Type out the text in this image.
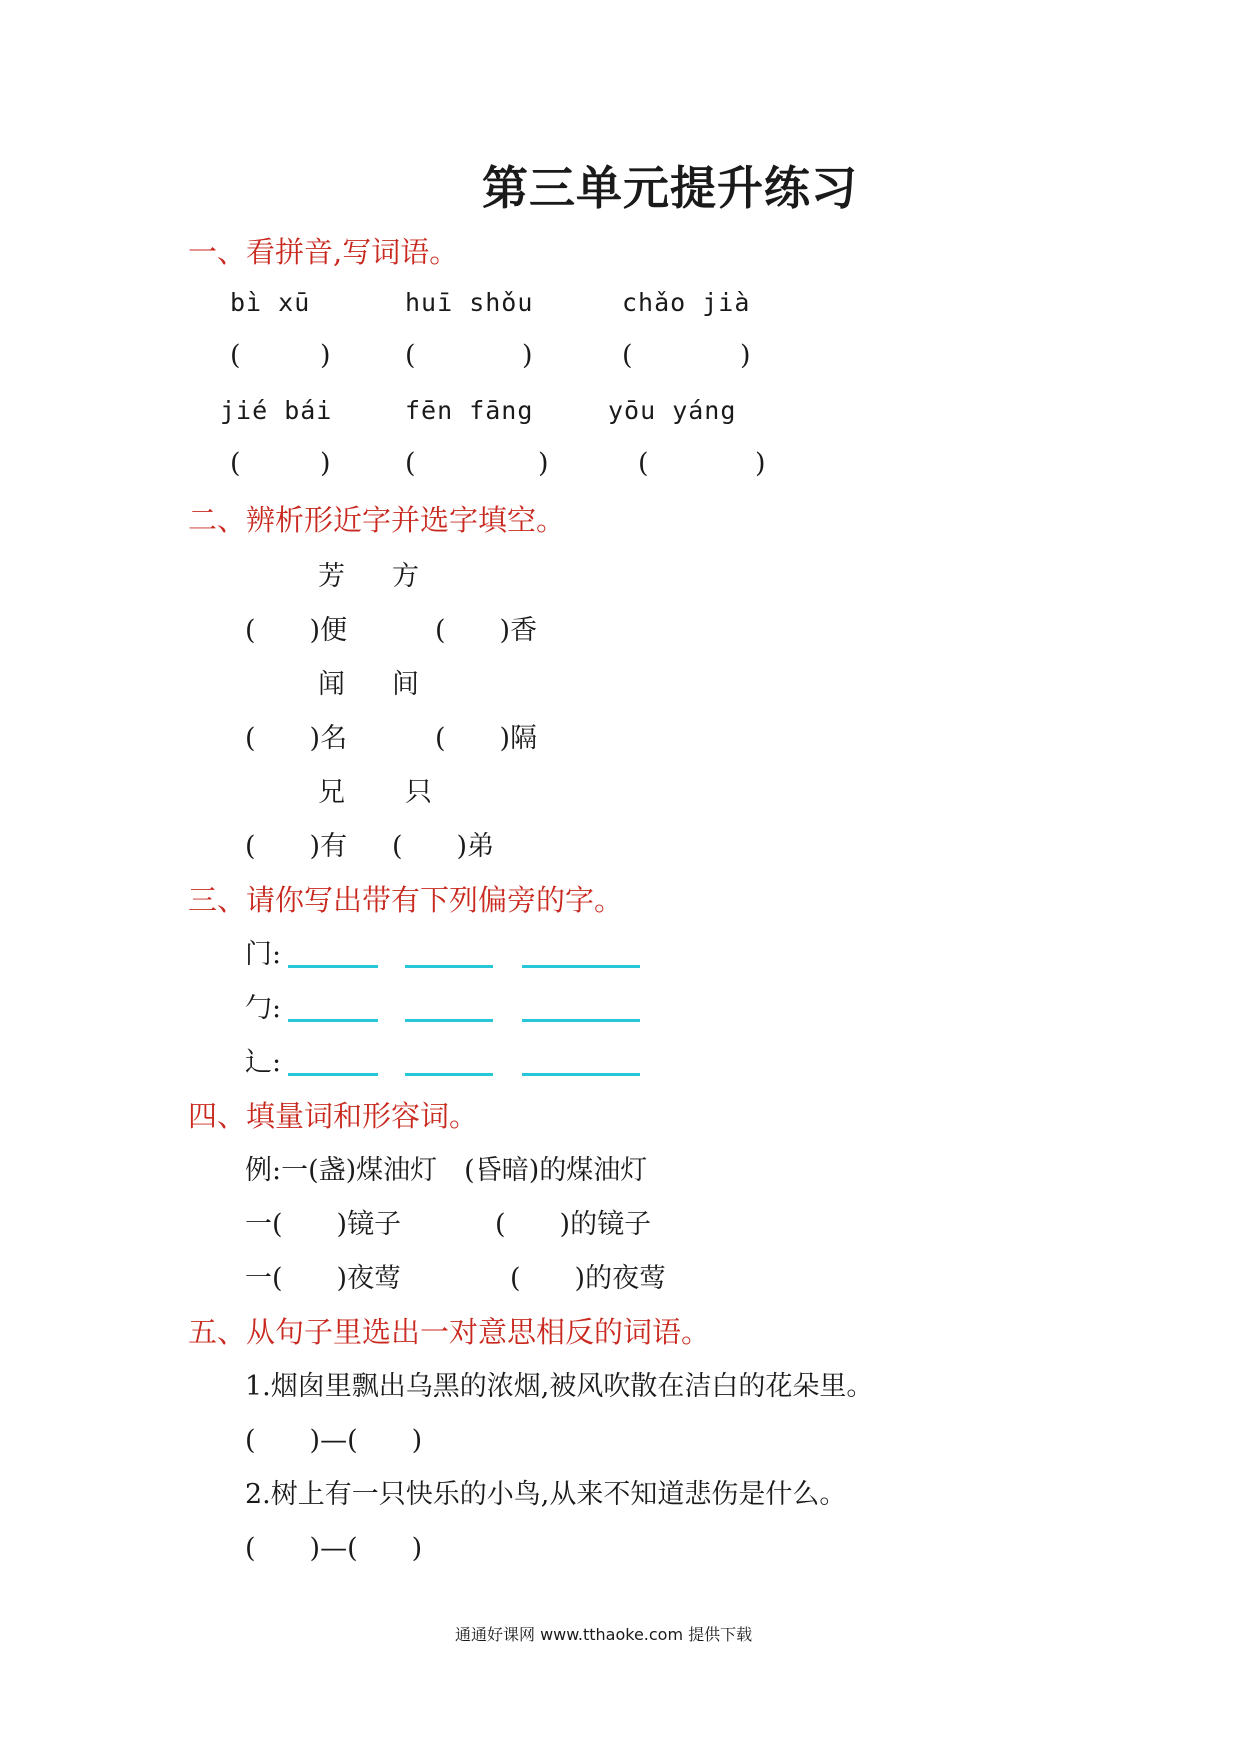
第三单元提升练习
一、看拼音,写词语。
bì xū	huī shǒu	chǎo jià
(	)	(	)	(	)
jié bái	fēn fāng	yōu yáng
(	)	(	)	(	)
二、辨析形近字并选字填空。
芳 方
(　　)便	(　　)香
闻 间
(　　)名	(　　)隔
兄 只
(　　)有 (　　)弟
三、请你写出带有下列偏旁的字。
门:
勹:
辶:
四、填量词和形容词。
例:一(盏)煤油灯　(昏暗)的煤油灯
一(　　)镜子	(　　)的镜子
一(　　)夜莺	(　　)的夜莺
五、从句子里选出一对意思相反的词语。
1.烟囱里飘出乌黑的浓烟,被风吹散在洁白的花朵里。
(　　)—(　　)
2.树上有一只快乐的小鸟,从来不知道悲伤是什么。
(　　)—(　　)
通通好课网 www.tthaoke.com 提供下载
